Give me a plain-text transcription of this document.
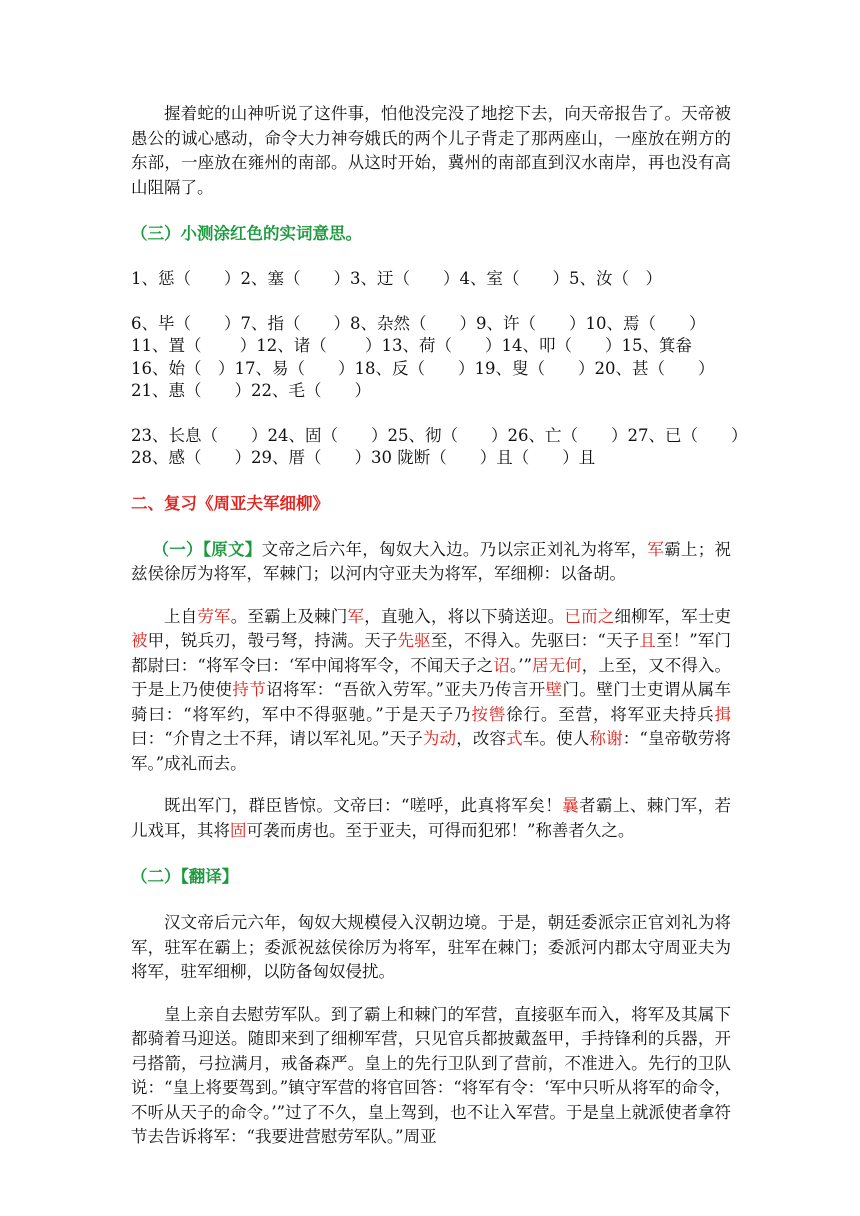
握着蛇的山神听说了这件事，怕他没完没了地挖下去，向天帝报告了。天帝被愚公的诚心感动，命令大力神夸娥氏的两个儿子背走了那两座山，一座放在朔方的东部，一座放在雍州的南部。从这时开始，冀州的南部直到汉水南岸，再也没有高山阻隔了。

（三）小测涂红色的实词意思。

1、惩（　　）2、塞（　　）3、迂（　　）4、室（　　）5、汝（　）

6、毕（　　）7、指（　　）8、杂然（　　）9、许（　　）10、焉（　　）

11、置（　　 ）12、诸（　　 ）13、荷（　　）14、叩（　　）15、箕畚

16、始（　）17、易（　　）18、反（　　）19、叟（　　）20、甚（　　）

21、惠（　　）22、毛（　　）

23、长息（　　）24、固（　　）25、彻（　　）26、亡（　　）27、已（　　）

28、感（　　）29、厝（　　）30 陇断（　　）且（　　）且

二、复习《周亚夫军细柳》

（一）【原文】文帝之后六年，匈奴大入边。乃以宗正刘礼为将军，军霸上；祝兹侯徐厉为将军，军棘门；以河内守亚夫为将军，军细柳：以备胡。

上自劳军。至霸上及棘门军，直驰入，将以下骑送迎。已而之细柳军，军士吏被甲，锐兵刃，彀弓弩，持满。天子先驱至，不得入。先驱曰：“天子且至！”军门都尉曰：“将军令曰：‘军中闻将军令，不闻天子之诏。’”居无何，上至，又不得入。于是上乃使使持节诏将军：“吾欲入劳军。”亚夫乃传言开壁门。壁门士吏谓从属车骑曰：“将军约，军中不得驱驰。”于是天子乃按辔徐行。至营，将军亚夫持兵揖曰：“介胄之士不拜，请以军礼见。”天子为动，改容式车。使人称谢：“皇帝敬劳将军。”成礼而去。

既出军门，群臣皆惊。文帝曰：“嗟呼，此真将军矣！曩者霸上、棘门军，若儿戏耳，其将固可袭而虏也。至于亚夫，可得而犯邪！”称善者久之。

（二）【翻译】

汉文帝后元六年，匈奴大规模侵入汉朝边境。于是，朝廷委派宗正官刘礼为将军，驻军在霸上；委派祝兹侯徐厉为将军，驻军在棘门；委派河内郡太守周亚夫为将军，驻军细柳，以防备匈奴侵扰。

皇上亲自去慰劳军队。到了霸上和棘门的军营，直接驱车而入，将军及其属下都骑着马迎送。随即来到了细柳军营，只见官兵都披戴盔甲，手持锋利的兵器，开弓搭箭，弓拉满月，戒备森严。皇上的先行卫队到了营前，不准进入。先行的卫队说：“皇上将要驾到。”镇守军营的将官回答：“将军有令：‘军中只听从将军的命令，不听从天子的命令。’”过了不久，皇上驾到，也不让入军营。于是皇上就派使者拿符节去告诉将军：“我要进营慰劳军队。”周亚
